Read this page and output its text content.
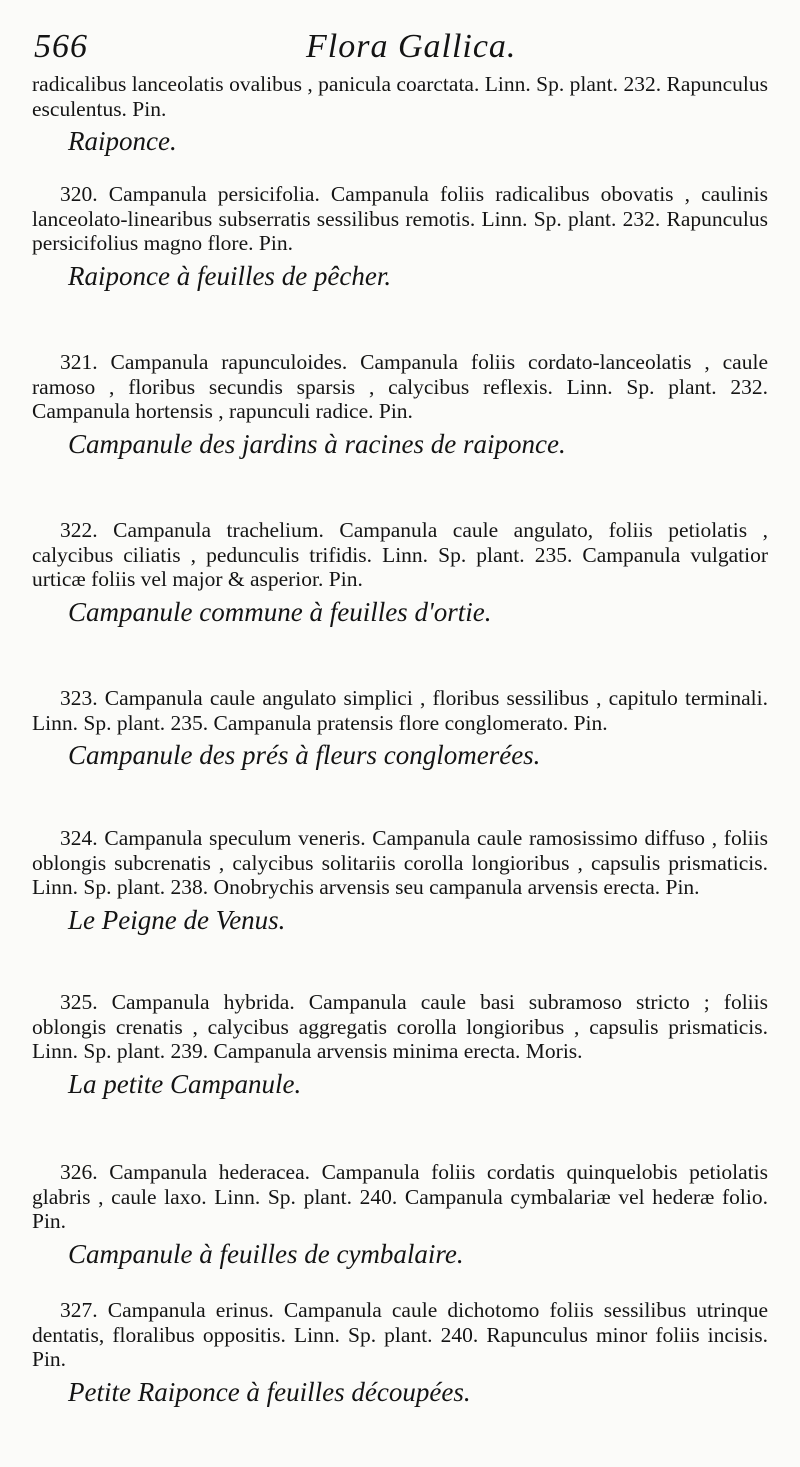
566	Flora Gallica.

radicalibus lanceolatis ovalibus , panicula coarctata. Linn. Sp. plant. 232. Rapunculus esculentus. Pin.

Raiponce.

320. Campanula persicifolia. Campanula foliis radicalibus obovatis , caulinis lanceolato-linearibus subserratis sessilibus remotis. Linn. Sp. plant. 232. Rapunculus persicifolius magno flore. Pin.

Raiponce à feuilles de pêcher.

321. Campanula rapunculoides. Campanula foliis cordato-lanceolatis , caule ramoso , floribus secundis sparsis , calycibus reflexis. Linn. Sp. plant. 232. Campanula hortensis , rapunculi radice. Pin.

Campanule des jardins à racines de raiponce.

322. Campanula trachelium. Campanula caule angulato, foliis petiolatis , calycibus ciliatis , pedunculis trifidis. Linn. Sp. plant. 235. Campanula vulgatior urticæ foliis vel major & asperior. Pin.

Campanule commune à feuilles d'ortie.

323. Campanula caule angulato simplici , floribus sessilibus , capitulo terminali. Linn. Sp. plant. 235. Campanula pratensis flore conglomerato. Pin.

Campanule des prés à fleurs conglomerées.

324. Campanula speculum veneris. Campanula caule ramosissimo diffuso , foliis oblongis subcrenatis , calycibus solitariis corolla longioribus , capsulis prismaticis. Linn. Sp. plant. 238. Onobrychis arvensis seu campanula arvensis erecta. Pin.

Le Peigne de Venus.

325. Campanula hybrida. Campanula caule basi subramoso stricto ; foliis oblongis crenatis , calycibus aggregatis corolla longioribus , capsulis prismaticis. Linn. Sp. plant. 239. Campanula arvensis minima erecta. Moris.

La petite Campanule.

326. Campanula hederacea. Campanula foliis cordatis quinquelobis petiolatis glabris , caule laxo. Linn. Sp. plant. 240. Campanula cymbalariæ vel hederæ folio. Pin.

Campanule à feuilles de cymbalaire.

327. Campanula erinus. Campanula caule dichotomo foliis sessilibus utrinque dentatis, floralibus oppositis. Linn. Sp. plant. 240. Rapunculus minor foliis incisis. Pin.

Petite Raiponce à feuilles découpées.
